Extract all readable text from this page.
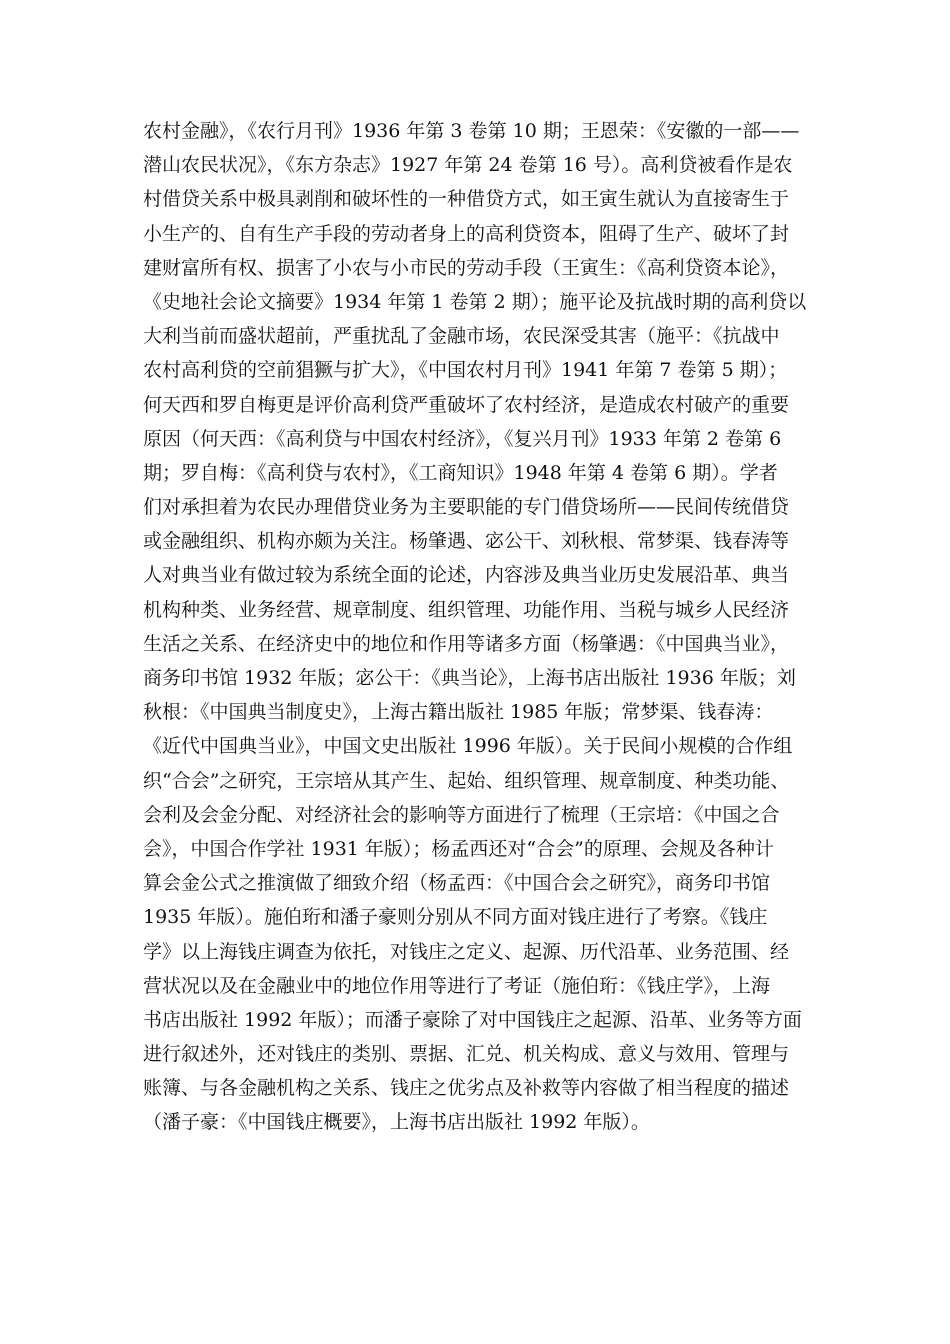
农村金融》，《农行月刊》1936 年第 3 卷第 10 期；王恩荣：《安徽的一部——
潜山农民状况》，《东方杂志》1927 年第 24 卷第 16 号）。高利贷被看作是农
村借贷关系中极具剥削和破坏性的一种借贷方式，如王寅生就认为直接寄生于
小生产的、自有生产手段的劳动者身上的高利贷资本，阻碍了生产、破坏了封
建财富所有权、损害了小农与小市民的劳动手段（王寅生：《高利贷资本论》，
《史地社会论文摘要》1934 年第 1 卷第 2 期）；施平论及抗战时期的高利贷以
大利当前而盛状超前，严重扰乱了金融市场，农民深受其害（施平：《抗战中
农村高利贷的空前猖獗与扩大》，《中国农村月刊》1941 年第 7 卷第 5 期）；
何天西和罗自梅更是评价高利贷严重破坏了农村经济，是造成农村破产的重要
原因（何天西：《高利贷与中国农村经济》，《复兴月刊》1933 年第 2 卷第 6
期；罗自梅：《高利贷与农村》，《工商知识》1948 年第 4 卷第 6 期）。学者
们对承担着为农民办理借贷业务为主要职能的专门借贷场所——民间传统借贷
或金融组织、机构亦颇为关注。杨肇遇、宓公干、刘秋根、常梦渠、钱春涛等
人对典当业有做过较为系统全面的论述，内容涉及典当业历史发展沿革、典当
机构种类、业务经营、规章制度、组织管理、功能作用、当税与城乡人民经济
生活之关系、在经济史中的地位和作用等诸多方面（杨肇遇：《中国典当业》，
商务印书馆 1932 年版；宓公干：《典当论》，上海书店出版社 1936 年版；刘
秋根：《中国典当制度史》，上海古籍出版社 1985 年版；常梦渠、钱春涛：
《近代中国典当业》，中国文史出版社 1996 年版）。关于民间小规模的合作组
织“合会”之研究，王宗培从其产生、起始、组织管理、规章制度、种类功能、
会利及会金分配、对经济社会的影响等方面进行了梳理（王宗培：《中国之合
会》，中国合作学社 1931 年版）；杨孟西还对“合会”的原理、会规及各种计
算会金公式之推演做了细致介绍（杨孟西：《中国合会之研究》，商务印书馆
1935 年版）。施伯珩和潘子豪则分别从不同方面对钱庄进行了考察。《钱庄
学》以上海钱庄调查为依托，对钱庄之定义、起源、历代沿革、业务范围、经
营状况以及在金融业中的地位作用等进行了考证（施伯珩：《钱庄学》，上海
书店出版社 1992 年版）；而潘子豪除了对中国钱庄之起源、沿革、业务等方面
进行叙述外，还对钱庄的类别、票据、汇兑、机关构成、意义与效用、管理与
账簿、与各金融机构之关系、钱庄之优劣点及补救等内容做了相当程度的描述
（潘子豪：《中国钱庄概要》，上海书店出版社 1992 年版）。
